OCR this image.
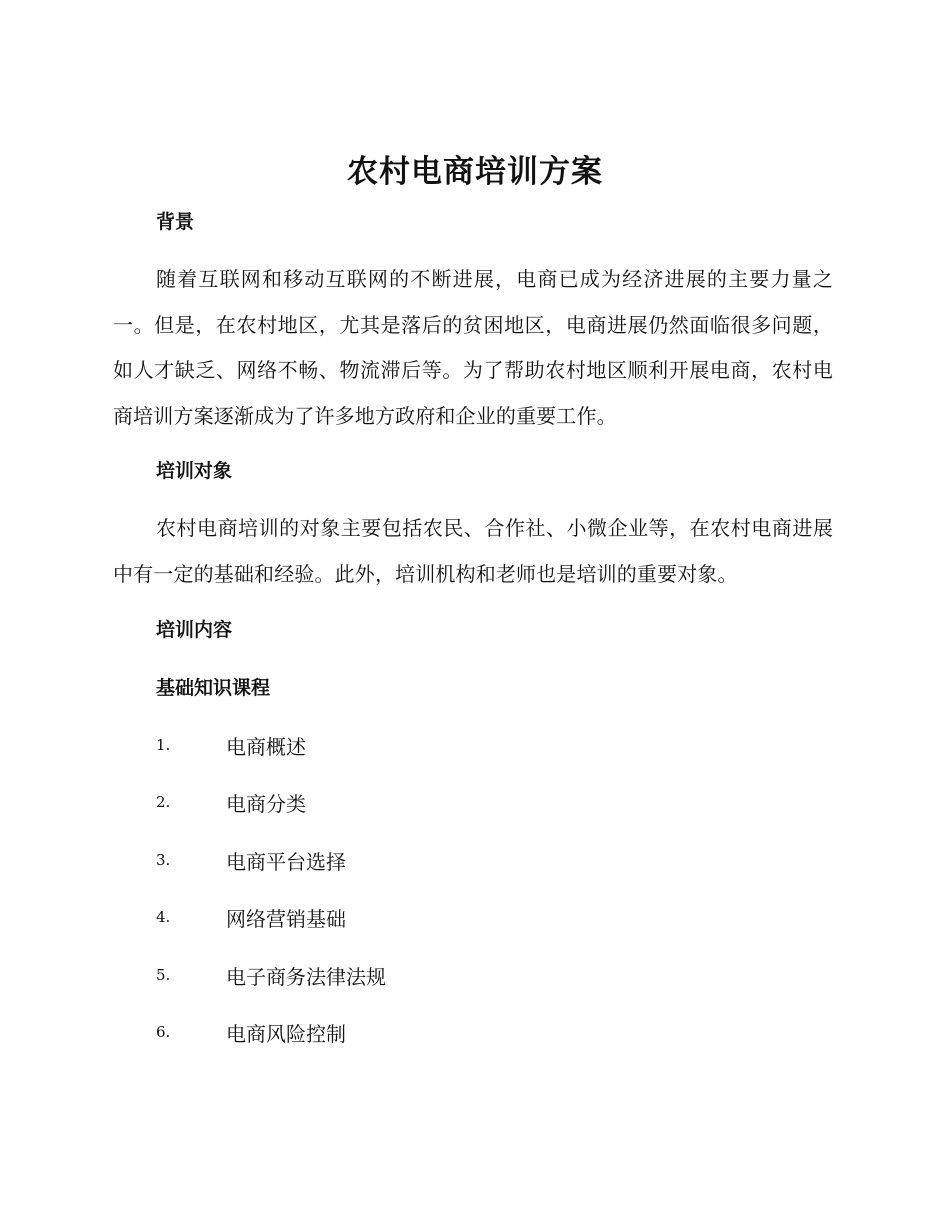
农村电商培训方案
背景

随着互联网和移动互联网的不断进展，电商已成为经济进展的主要力量之一。但是，在农村地区，尤其是落后的贫困地区，电商进展仍然面临很多问题，如人才缺乏、网络不畅、物流滞后等。为了帮助农村地区顺利开展电商，农村电商培训方案逐渐成为了许多地方政府和企业的重要工作。

培训对象

农村电商培训的对象主要包括农民、合作社、小微企业等，在农村电商进展中有一定的基础和经验。此外，培训机构和老师也是培训的重要对象。

培训内容
基础知识课程
1.	电商概述
2.	电商分类
3.	电商平台选择
4.	网络营销基础
5.	电子商务法律法规
6.	电商风险控制
